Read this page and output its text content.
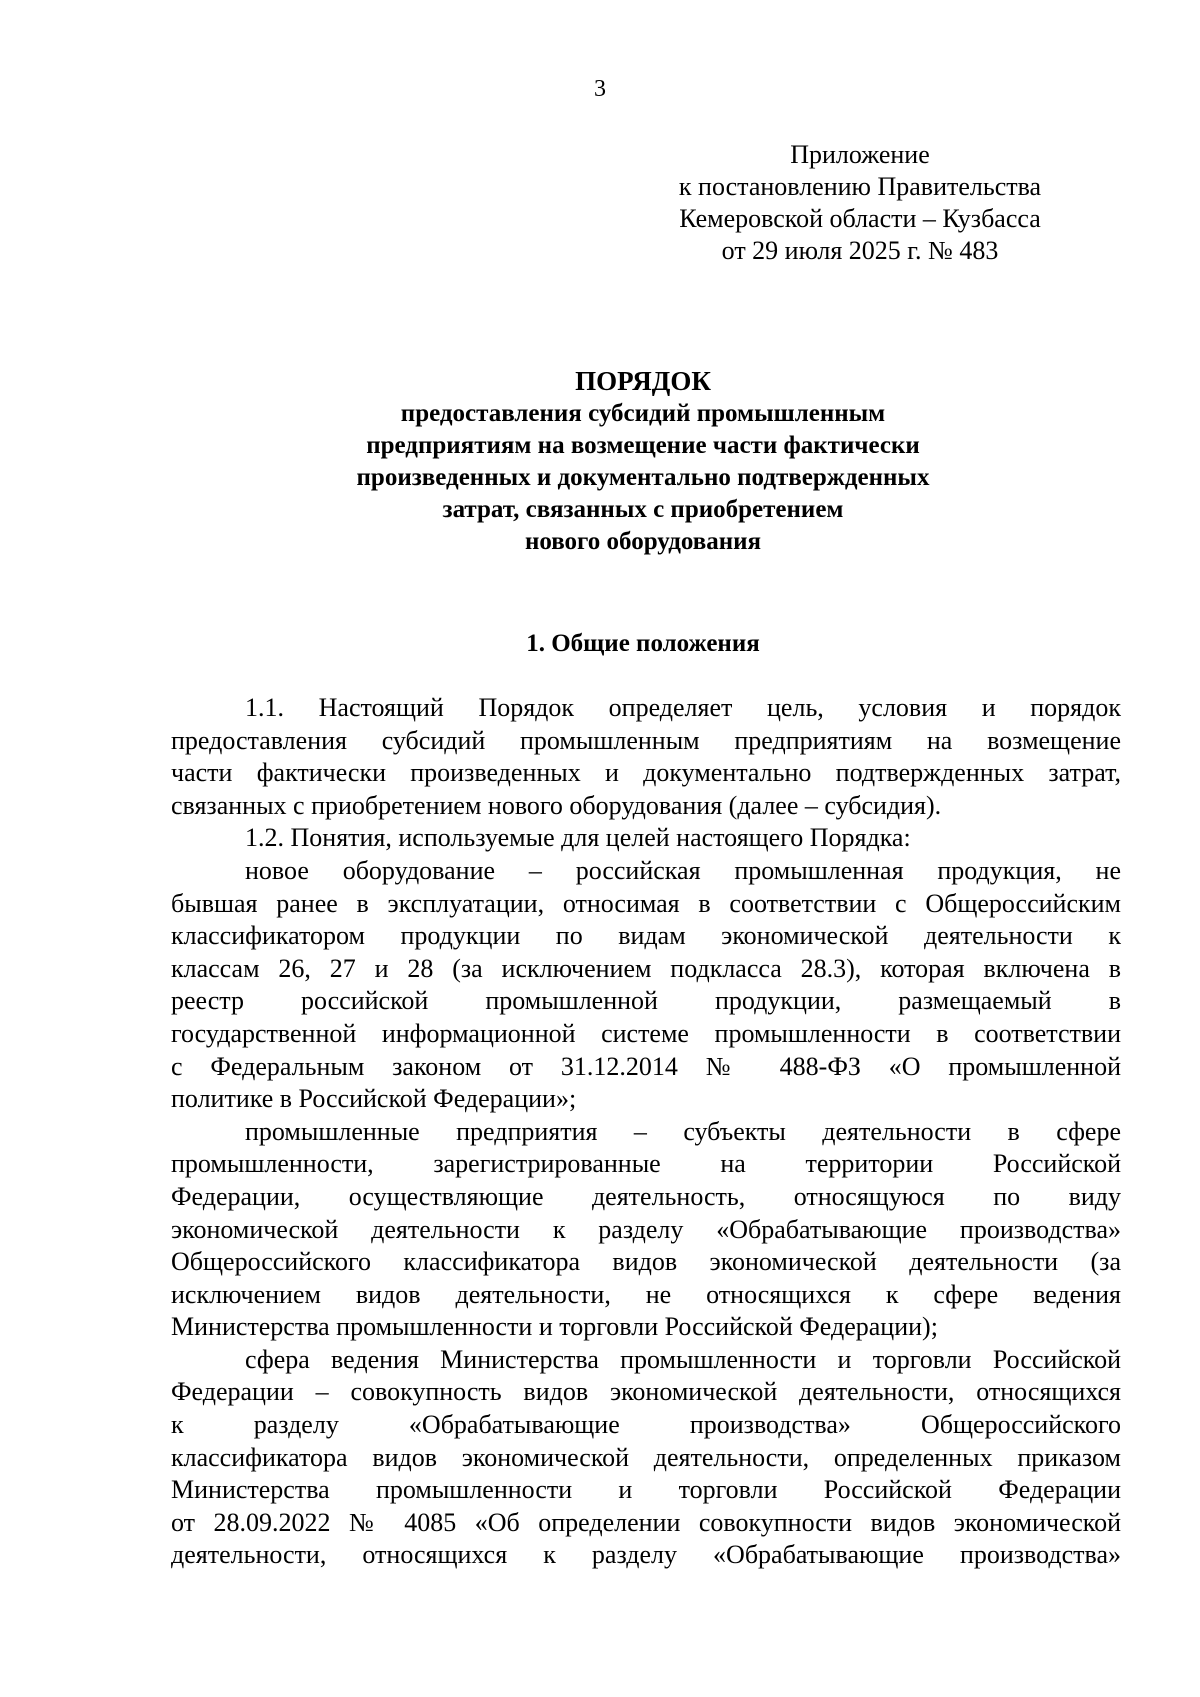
3
Приложение
к постановлению Правительства
Кемеровской области – Кузбасса
от 29 июля 2025 г. № 483
ПОРЯДОК
предоставления субсидий промышленным
предприятиям на возмещение части фактически
произведенных и документально подтвержденных
затрат, связанных с приобретением
нового оборудования
1. Общие положения
1.1. Настоящий Порядок определяет цель, условия и порядок
предоставления субсидий промышленным предприятиям на возмещение
части фактически произведенных и документально подтвержденных затрат,
связанных с приобретением нового оборудования (далее – субсидия).
1.2. Понятия, используемые для целей настоящего Порядка:
новое оборудование – российская промышленная продукция, не
бывшая ранее в эксплуатации, относимая в соответствии с Общероссийским
классификатором продукции по видам экономической деятельности к
классам 26, 27 и 28 (за исключением подкласса 28.3), которая включена в
реестр российской промышленной продукции, размещаемый в
государственной информационной системе промышленности в соответствии
с Федеральным законом от 31.12.2014 № 488-ФЗ «О промышленной
политике в Российской Федерации»;
промышленные предприятия – субъекты деятельности в сфере
промышленности, зарегистрированные на территории Российской
Федерации, осуществляющие деятельность, относящуюся по виду
экономической деятельности к разделу «Обрабатывающие производства»
Общероссийского классификатора видов экономической деятельности (за
исключением видов деятельности, не относящихся к сфере ведения
Министерства промышленности и торговли Российской Федерации);
сфера ведения Министерства промышленности и торговли Российской
Федерации – совокупность видов экономической деятельности, относящихся
к разделу «Обрабатывающие производства» Общероссийского
классификатора видов экономической деятельности, определенных приказом
Министерства промышленности и торговли Российской Федерации
от 28.09.2022 № 4085 «Об определении совокупности видов экономической
деятельности, относящихся к разделу «Обрабатывающие производства»
